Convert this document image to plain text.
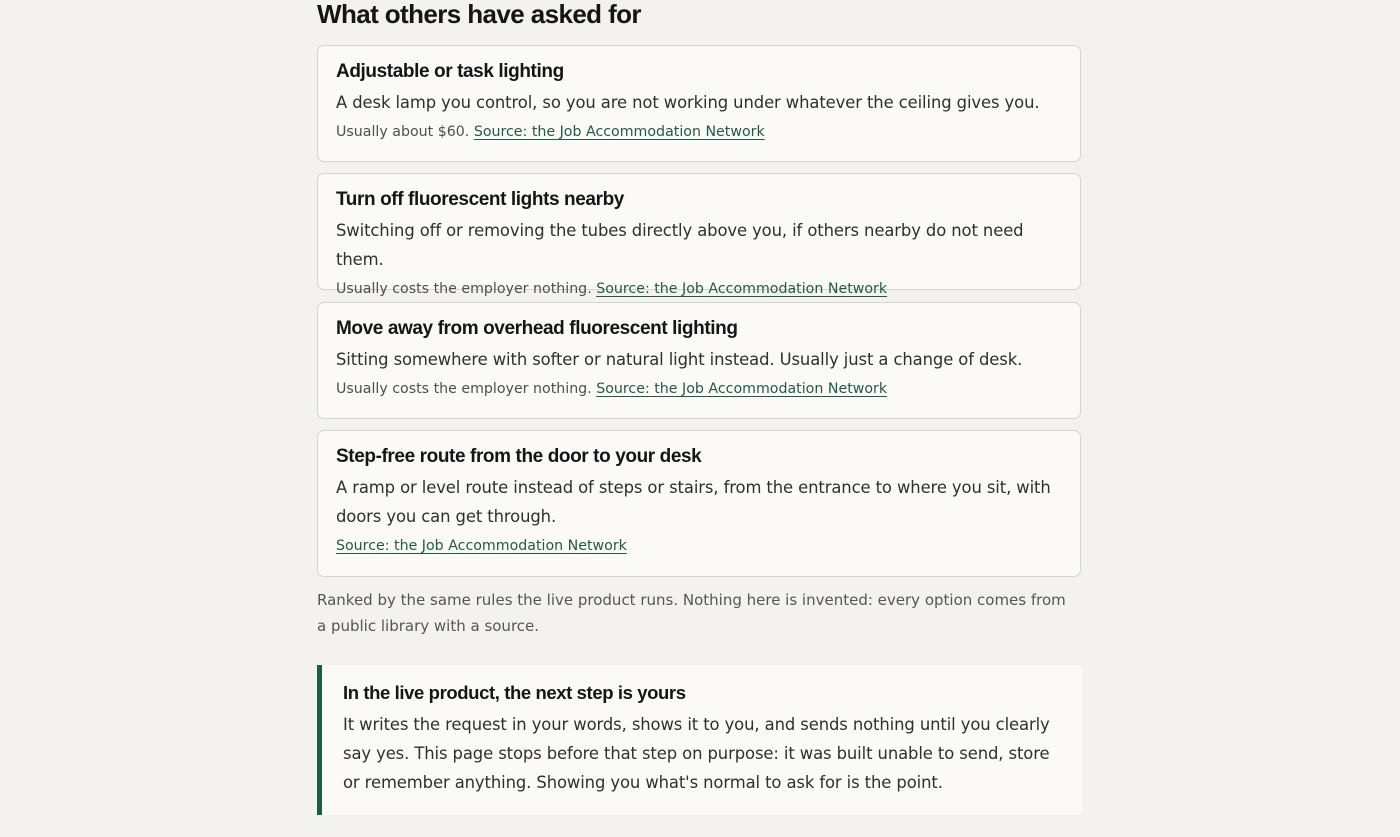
What others have asked for
Adjustable or task lighting

A desk lamp you control, so you are not working under whatever the ceiling gives you.

Usually about $60. Source: the Job Accommodation Network

Turn off fluorescent lights nearby

Switching off or removing the tubes directly above you, if others nearby do not need them.

Usually costs the employer nothing. Source: the Job Accommodation Network

Move away from overhead fluorescent lighting

Sitting somewhere with softer or natural light instead. Usually just a change of desk.

Usually costs the employer nothing. Source: the Job Accommodation Network

Step-free route from the door to your desk

A ramp or level route instead of steps or stairs, from the entrance to where you sit, with doors you can get through.

Source: the Job Accommodation Network

Ranked by the same rules the live product runs. Nothing here is invented: every option comes from a public library with a source.

In the live product, the next step is yours

It writes the request in your words, shows it to you, and sends nothing until you clearly say yes. This page stops before that step on purpose: it was built unable to send, store or remember anything. Showing you what's normal to ask for is the point.
